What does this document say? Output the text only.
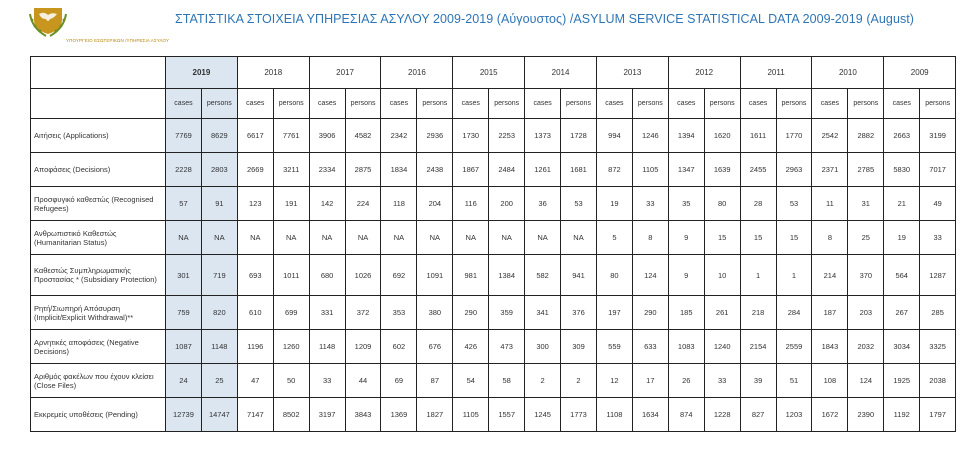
ΥΠΟΥΡΓΕΙΟ ΕΣΩΤΕΡΙΚΩΝ /ΥΠΗΡΕΣΙΑ ΑΣΥΛΟΥ
ΣΤΑΤΙΣΤΙΚΑ ΣΤΟΙΧΕΙΑ ΥΠΗΡΕΣΙΑΣ ΑΣΥΛΟΥ 2009-2019 (Αύγουστος) /ASYLUM SERVICE STATISTICAL DATA 2009-2019 (August)
	2019		2018		2017		2016		2015		2014		2013		2012		2011		2010		2009	
	cases	persons	cases	persons	cases	persons	cases	persons	cases	persons	cases	persons	cases	persons	cases	persons	cases	persons	cases	persons	cases	persons
Αιτήσεις (Applications)	7769	8629	6617	7761	3906	4582	2342	2936	1730	2253	1373	1728	994	1246	1394	1620	1611	1770	2542	2882	2663	3199
Αποφάσεις (Decisions)	2228	2803	2669	3211	2334	2875	1834	2438	1867	2484	1261	1681	872	1105	1347	1639	2455	2963	2371	2785	5830	7017
Προσφυγικό καθεστώς (Recognised Refugees)	57	91	123	191	142	224	118	204	116	200	36	53	19	33	35	80	28	53	11	31	21	49
Ανθρωπιστικό Καθεστώς (Humanitarian Status)	NA	NA	NA	NA	NA	NA	NA	NA	NA	NA	NA	NA	5	8	9	15	15	15	8	25	19	33
Καθεστώς Συμπληρωματικής Προστασίας * (Subsidiary Protection)	301	719	693	1011	680	1026	692	1091	981	1384	582	941	80	124	9	10	1	1	214	370	564	1287
Ρητή/Σιωπηρή Απόσυρση (Implicit/Explicit Withdrawal)**	759	820	610	699	331	372	353	380	290	359	341	376	197	290	185	261	218	284	187	203	267	285
Αρνητικές αποφάσεις (Negative Decisions)	1087	1148	1196	1260	1148	1209	602	676	426	473	300	309	559	633	1083	1240	2154	2559	1843	2032	3034	3325
Αριθμός φακέλων που έχουν κλείσει (Close Files)	24	25	47	50	33	44	69	87	54	58	2	2	12	17	26	33	39	51	108	124	1925	2038
Εκκρεμείς υποθέσεις (Pending)	12739	14747	7147	8502	3197	3843	1369	1827	1105	1557	1245	1773	1108	1634	874	1228	827	1203	1672	2390	1192	1797
